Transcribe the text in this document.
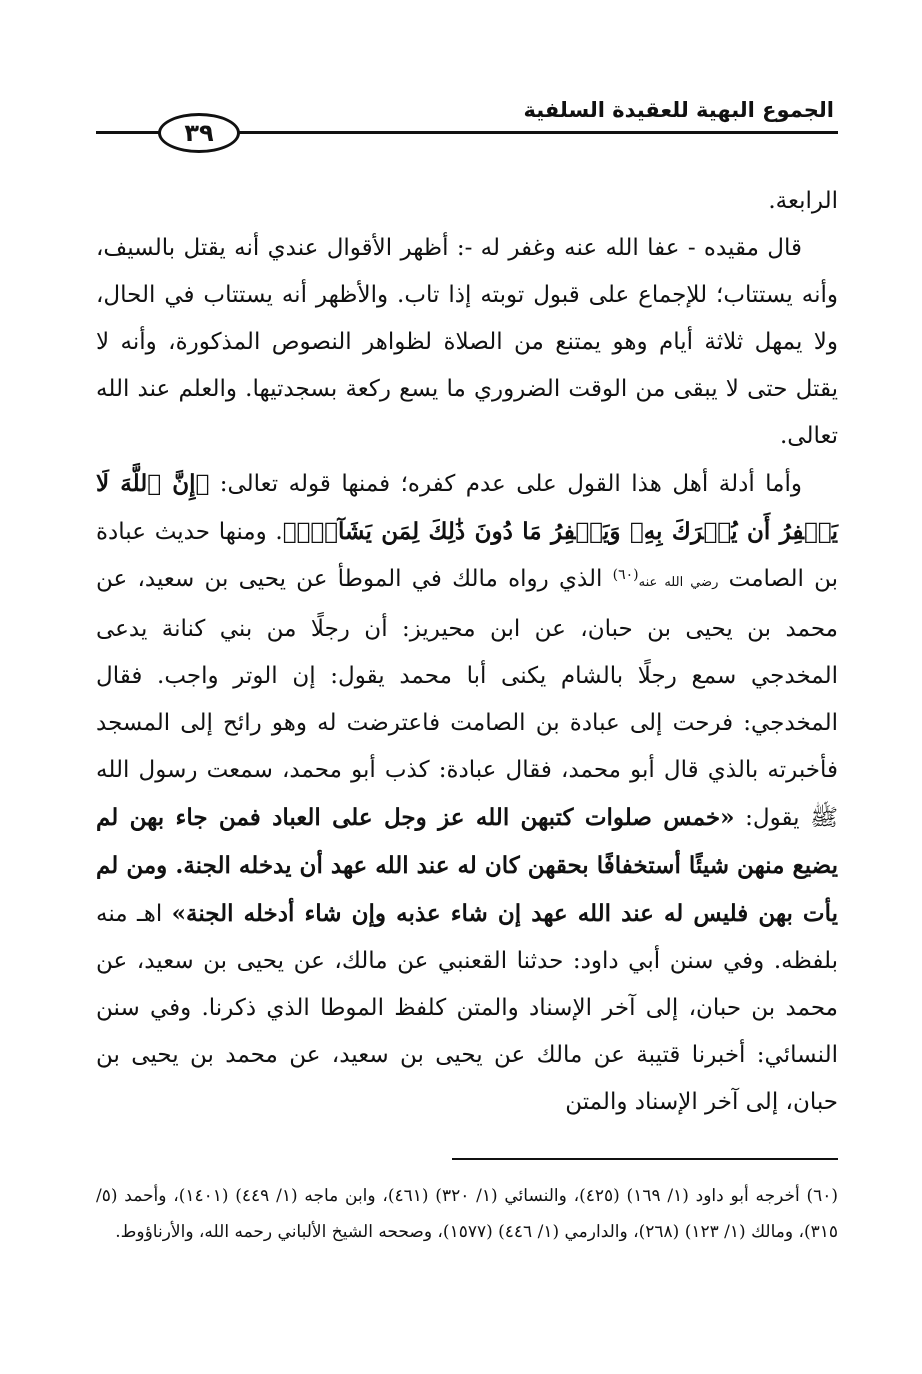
الجموع البهية للعقيدة السلفية
٣٩

الرابعة.

قال مقيده - عفا الله عنه وغفر له -: أظهر الأقوال عندي أنه يقتل بالسيف، وأنه يستتاب؛ للإجماع على قبول توبته إذا تاب. والأظهر أنه يستتاب في الحال، ولا يمهل ثلاثة أيام وهو يمتنع من الصلاة لظواهر النصوص المذكورة، وأنه لا يقتل حتى لا يبقى من الوقت الضروري ما يسع ركعة بسجدتيها. والعلم عند الله تعالى.

وأما أدلة أهل هذا القول على عدم كفره؛ فمنها قوله تعالى: ﴿إِنَّ ٱللَّهَ لَا يَغۡفِرُ أَن يُشۡرَكَ بِهِۦ وَيَغۡفِرُ مَا دُونَ ذَٰلِكَ لِمَن يَشَآءُۚ﴾. ومنها حديث عبادة بن الصامت رضي الله عنه$^{(٦٠)}$ الذي رواه مالك في الموطأ عن يحيى بن سعيد، عن محمد بن يحيى بن حبان، عن ابن محيريز: أن رجلًا من بني كنانة يدعى المخدجي سمع رجلًا بالشام يكنى أبا محمد يقول: إن الوتر واجب. فقال المخدجي: فرحت إلى عبادة بن الصامت فاعترضت له وهو رائح إلى المسجد فأخبرته بالذي قال أبو محمد، فقال عبادة: كذب أبو محمد، سمعت رسول الله ﷺ يقول: «خمس صلوات كتبهن الله عز وجل على العباد فمن جاء بهن لم يضيع منهن شيئًا أستخفافًا بحقهن كان له عند الله عهد أن يدخله الجنة. ومن لم يأت بهن فليس له عند الله عهد إن شاء عذبه وإن شاء أدخله الجنة» اهـ منه بلفظه. وفي سنن أبي داود: حدثنا القعنبي عن مالك، عن يحيى بن سعيد، عن محمد بن حبان، إلى آخر الإسناد والمتن كلفظ الموطا الذي ذكرنا. وفي سنن النسائي: أخبرنا قتيبة عن مالك عن يحيى بن سعيد، عن محمد بن يحيى بن حبان، إلى آخر الإسناد والمتن

(٦٠) أخرجه أبو داود (١/ ١٦٩) (٤٢٥)، والنسائي (١/ ٣٢٠) (٤٦١)، وابن ماجه (١/ ٤٤٩) (١٤٠١)، وأحمد (٥/ ٣١٥)، ومالك (١/ ١٢٣) (٢٦٨)، والدارمي (١/ ٤٤٦) (١٥٧٧)، وصححه الشيخ الألباني رحمه الله، والأرناؤوط.
